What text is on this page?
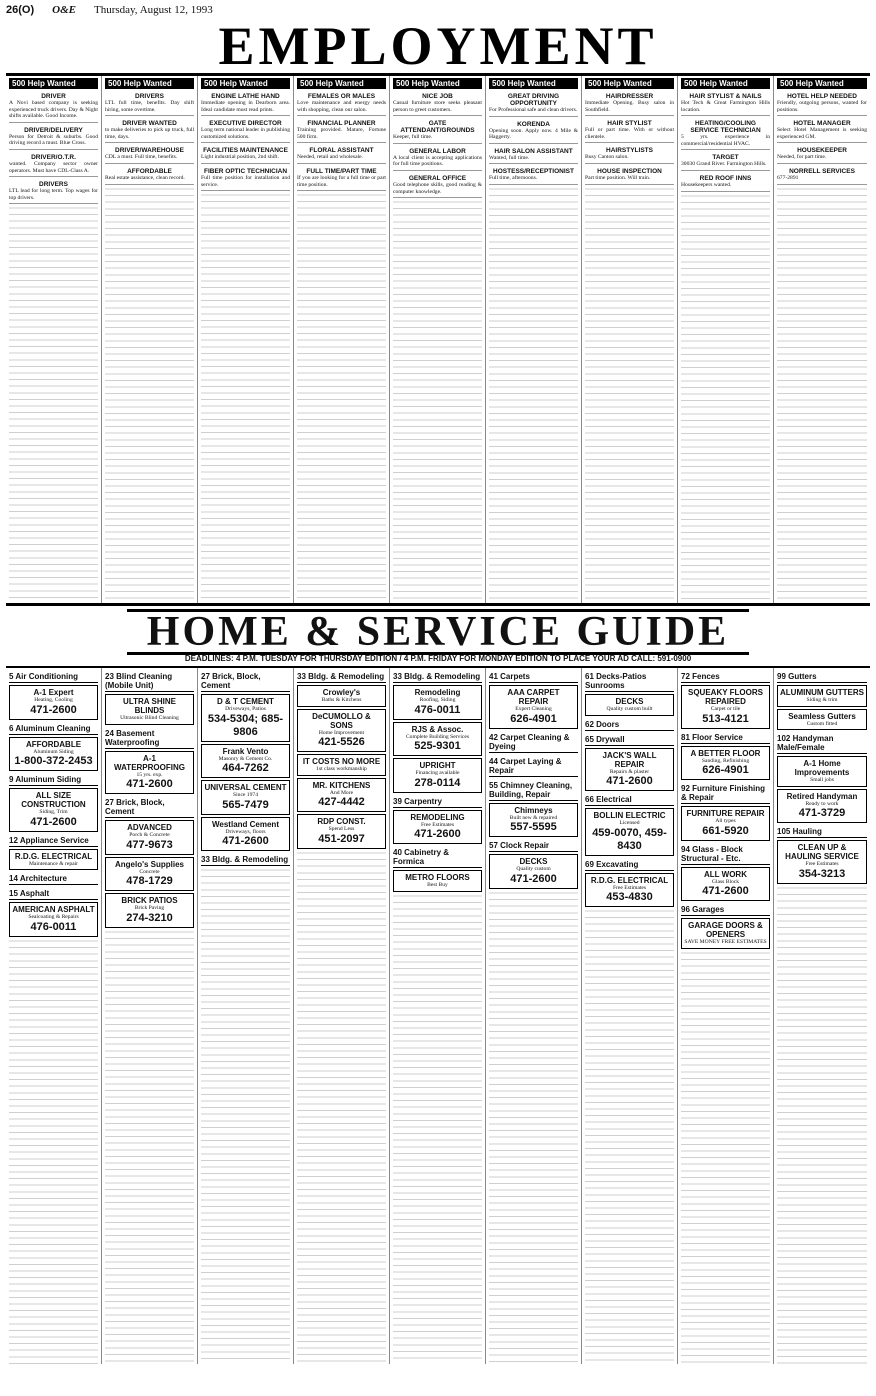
26(O) O&E Thursday, August 12, 1993
EMPLOYMENT
500 Help Wanted
DRIVER
A Novi based company is seeking experienced truck drivers. Day & Night shifts available. Good Income.
DRIVER/DELIVERY
Person for Detroit & suburbs. Good driving record a must. Blue Cross.
DRIVER/O.T.R.
wanted. Company sector owner operators. Must have CDL-Class A.
DRIVERS
LTL lead for long term. Top wages for top drivers.
500 Help Wanted
DRIVERS
LTL full time, benefits. Day shift hiring, some overtime.
DRIVER WANTED
to make deliveries to pick up truck, full time, days.
DRIVER/WAREHOUSE
CDL a must. Full time, benefits.
AFFORDABLE
Real estate assistance, clean record.
500 Help Wanted
ENGINE LATHE HAND
Immediate opening in Dearborn area. Ideal candidate must read prints.
EXECUTIVE DIRECTOR
Long term national leader in publishing customized solutions.
FACILITIES MAINTENANCE
Light industrial position, 2nd shift.
FIBER OPTIC TECHNICIAN
Full time position for installation and service.
500 Help Wanted
FEMALES OR MALES
Love maintenance and energy needs with shopping, clean our salon.
FINANCIAL PLANNER
Training provided. Mature, Fortune 500 firm.
FLORAL ASSISTANT
Needed, retail and wholesale.
FULL TIME/PART TIME
If you are looking for a full time or part time position.
500 Help Wanted
NICE JOB
Casual furniture store seeks pleasant person to greet customers.
GATE ATTENDANT/GROUNDS
Keeper, full time.
GENERAL LABOR
A local client is accepting applications for full time positions.
GENERAL OFFICE
Good telephone skills, good reading & computer knowledge.
500 Help Wanted
GREAT DRIVING OPPORTUNITY
For Professional safe and clean drivers.
KORENDA
Opening soon. Apply now. 4 Mile & Haggerty.
HAIR SALON ASSISTANT
Wanted, full time.
HOSTESS/RECEPTIONIST
Full time, afternoons.
500 Help Wanted
HAIRDRESSER
Immediate Opening. Busy salon in Southfield.
HAIR STYLIST
Full or part time. With or without clientele.
HAIRSTYLISTS
Busy Canton salon.
HOUSE INSPECTION
Part time position. Will train.
500 Help Wanted
HAIR STYLIST & NAILS
Hot Tech & Great Farmington Hills location.
HEATING/COOLING SERVICE TECHNICIAN
5 yrs. experience in commercial/residential HVAC.
TARGET
30030 Grand River. Farmington Hills.
RED ROOF INNS
Housekeepers wanted.
500 Help Wanted
HOTEL HELP NEEDED
Friendly, outgoing persons, wanted for positions.
HOTEL MANAGER
Select Hotel Management is seeking experienced GM.
HOUSEKEEPER
Needed, for part time.
NORRELL SERVICES
677-2891
HOME & SERVICE GUIDE
DEADLINES: 4 P.M. TUESDAY FOR THURSDAY EDITION / 4 P.M. FRIDAY FOR MONDAY EDITION TO PLACE YOUR AD CALL: 591-0900
5 Air Conditioning
A-1 Expert
Heating, Cooling
471-2600
6 Aluminum Cleaning
AFFORDABLE
Aluminum Siding
1-800-372-2453
9 Aluminum Siding
ALL SIZE CONSTRUCTION
Siding, Trim
471-2600
12 Appliance Service
R.D.G. ELECTRICAL
Maintenance & repair
14 Architecture
15 Asphalt
AMERICAN ASPHALT
Sealcoating & Repairs
476-0011
23 Blind Cleaning (Mobile Unit)
ULTRA SHINE BLINDS
Ultrasonic Blind Cleaning
24 Basement Waterproofing
A-1 WATERPROOFING
15 yrs. exp.
471-2600
27 Brick, Block, Cement
ADVANCED
Porch & Concrete
477-9673
Angelo's Supplies
Concrete
478-1729
BRICK PATIOS
Brick Paving
274-3210
27 Brick, Block, Cement
D & T CEMENT
Driveways, Patios
534-5304; 685-9806
Frank Vento
Masonry & Cement Co.
464-7262
UNIVERSAL CEMENT
Since 1974
565-7479
Westland Cement
Driveways, floors
471-2600
33 Bldg. & Remodeling
33 Bldg. & Remodeling
Crowley's
Baths & Kitchens
DeCUMOLLO & SONS
Home Improvement
421-5526
IT COSTS NO MORE
1st class workmanship
MR. KITCHENS
And More
427-4442
RDP CONST.
Spend Less
451-2097
33 Bldg. & Remodeling
Remodeling
Roofing, Siding
476-0011
RJS & Assoc.
Complete Building Services
525-9301
UPRIGHT
Financing available
278-0114
39 Carpentry
REMODELING
Free Estimates
471-2600
40 Cabinetry & Formica
METRO FLOORS
Best Buy
41 Carpets
AAA CARPET REPAIR
Expert Cleaning
626-4901
42 Carpet Cleaning & Dyeing
44 Carpet Laying & Repair
55 Chimney Cleaning, Building, Repair
Chimneys
Built new & repaired
557-5595
57 Clock Repair
DECKS
Quality custom
471-2600
61 Decks-Patios Sunrooms
DECKS
Quality custom built
62 Doors
65 Drywall
JACK'S WALL REPAIR
Repairs & plaster
471-2600
66 Electrical
BOLLIN ELECTRIC
Licensed
459-0070, 459-8430
69 Excavating
R.D.G. ELECTRICAL
Free Estimates
453-4830
72 Fences
SQUEAKY FLOORS REPAIRED
Carpet or tile
513-4121
81 Floor Service
A BETTER FLOOR
Sanding, Refinishing
626-4901
92 Furniture Finishing & Repair
FURNITURE REPAIR
All types
661-5920
94 Glass - Block Structural - Etc.
ALL WORK
Glass Block
471-2600
96 Garages
GARAGE DOORS & OPENERS
SAVE MONEY FREE ESTIMATES
99 Gutters
ALUMINUM GUTTERS
Siding & trim
Seamless Gutters
Custom fitted
102 Handyman Male/Female
A-1 Home Improvements
Small jobs
Retired Handyman
Ready to work
471-3729
105 Hauling
CLEAN UP & HAULING SERVICE
Free Estimates
354-3213
